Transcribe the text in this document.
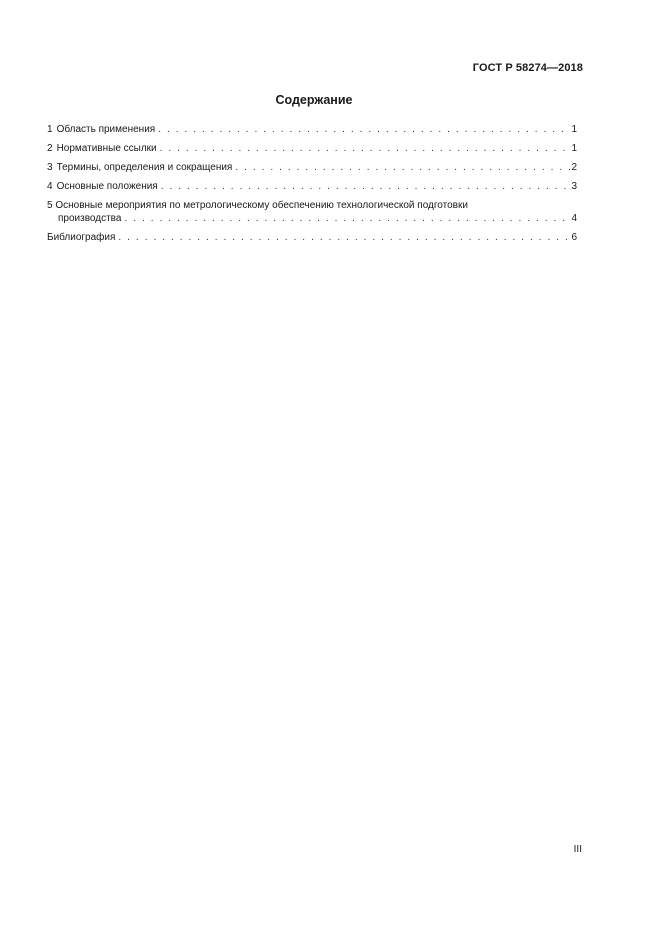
ГОСТ Р 58274—2018
Содержание
1 Область применения . . .	1
2 Нормативные ссылки . . .	1
3 Термины, определения и сокращения . . .	2
4 Основные положения . . .	3
5 Основные мероприятия по метрологическому обеспечению технологической подготовки
производства . . .	4
Библиография . . .	6
III
